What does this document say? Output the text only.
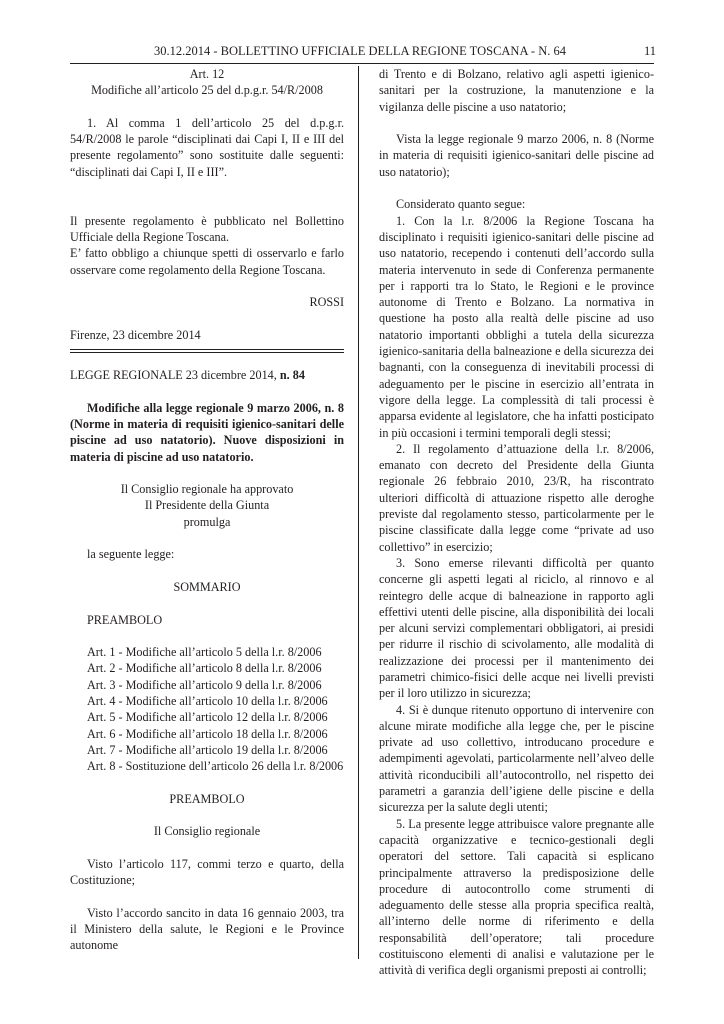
30.12.2014 - BOLLETTINO UFFICIALE DELLA REGIONE TOSCANA - N. 64	11

Art. 12

Modifiche all’articolo 25 del d.p.g.r. 54/R/2008

1. Al comma 1 dell’articolo 25 del d.p.g.r. 54/R/2008 le parole “disciplinati dai Capi I, II e III del presente regolamento” sono sostituite dalle seguenti: “disciplinati dai Capi I, II e III”.

Il presente regolamento è pubblicato nel Bollettino Ufficiale della Regione Toscana.

E’ fatto obbligo a chiunque spetti di osservarlo e farlo osservare come regolamento della Regione Toscana.

ROSSI

Firenze, 23 dicembre 2014

LEGGE REGIONALE 23 dicembre 2014, n. 84

Modifiche alla legge regionale 9 marzo 2006, n. 8 (Norme in materia di requisiti igienico-sanitari delle piscine ad uso natatorio). Nuove disposizioni in materia di piscine ad uso natatorio.

Il Consiglio regionale ha approvato

Il Presidente della Giunta

promulga

la seguente legge:

SOMMARIO

PREAMBOLO

Art. 1 - Modifiche all’articolo 5 della l.r. 8/2006

Art. 2 - Modifiche all’articolo 8 della l.r. 8/2006

Art. 3 - Modifiche all’articolo 9 della l.r. 8/2006

Art. 4 - Modifiche all’articolo 10 della l.r. 8/2006

Art. 5 - Modifiche all’articolo 12 della l.r. 8/2006

Art. 6 - Modifiche all’articolo 18 della l.r. 8/2006

Art. 7 - Modifiche all’articolo 19 della l.r. 8/2006

Art. 8 - Sostituzione dell’articolo 26 della l.r. 8/2006

PREAMBOLO

Il Consiglio regionale

Visto l’articolo 117, commi terzo e quarto, della Costituzione;

Visto l’accordo sancito in data 16 gennaio 2003, tra il Ministero della salute, le Regioni e le Province autonome

di Trento e di Bolzano, relativo agli aspetti igienico-sanitari per la costruzione, la manutenzione e la vigilanza delle piscine a uso natatorio;

Vista la legge regionale 9 marzo 2006, n. 8 (Norme in materia di requisiti igienico-sanitari delle piscine ad uso natatorio);

Considerato quanto segue:

1. Con la l.r. 8/2006 la Regione Toscana ha disciplinato i requisiti igienico-sanitari delle piscine ad uso natatorio, recependo i contenuti dell’accordo sulla materia intervenuto in sede di Conferenza permanente per i rapporti tra lo Stato, le Regioni e le province autonome di Trento e Bolzano. La normativa in questione ha posto alla realtà delle piscine ad uso natatorio importanti obblighi a tutela della sicurezza igienico-sanitaria della balneazione e della sicurezza dei bagnanti, con la conseguenza di inevitabili processi di adeguamento per le piscine in esercizio all’entrata in vigore della legge. La complessità di tali processi è apparsa evidente al legislatore, che ha infatti posticipato in più occasioni i termini temporali degli stessi;

2. Il regolamento d’attuazione della l.r. 8/2006, emanato con decreto del Presidente della Giunta regionale 26 febbraio 2010, 23/R, ha riscontrato ulteriori difficoltà di attuazione rispetto alle deroghe previste dal regolamento stesso, particolarmente per le piscine classificate dalla legge come “private ad uso collettivo” in esercizio;

3. Sono emerse rilevanti difficoltà per quanto concerne gli aspetti legati al riciclo, al rinnovo e al reintegro delle acque di balneazione in rapporto agli effettivi utenti delle piscine, alla disponibilità dei locali per alcuni servizi complementari obbligatori, ai presidi per ridurre il rischio di scivolamento, alle modalità di realizzazione dei processi per il mantenimento dei parametri chimico-fisici delle acque nei livelli previsti per il loro utilizzo in sicurezza;

4. Si è dunque ritenuto opportuno di intervenire con alcune mirate modifiche alla legge che, per le piscine private ad uso collettivo, introducano procedure e adempimenti agevolati, particolarmente nell’alveo delle attività riconducibili all’autocontrollo, nel rispetto dei parametri a garanzia dell’igiene delle piscine e della sicurezza per la salute degli utenti;

5. La presente legge attribuisce valore pregnante alle capacità organizzative e tecnico-gestionali degli operatori del settore. Tali capacità si esplicano principalmente attraverso la predisposizione delle procedure di autocontrollo come strumenti di adeguamento delle stesse alla propria specifica realtà, all’interno delle norme di riferimento e della responsabilità dell’operatore; tali procedure costituiscono elementi di analisi e valutazione per le attività di verifica degli organismi preposti ai controlli;
